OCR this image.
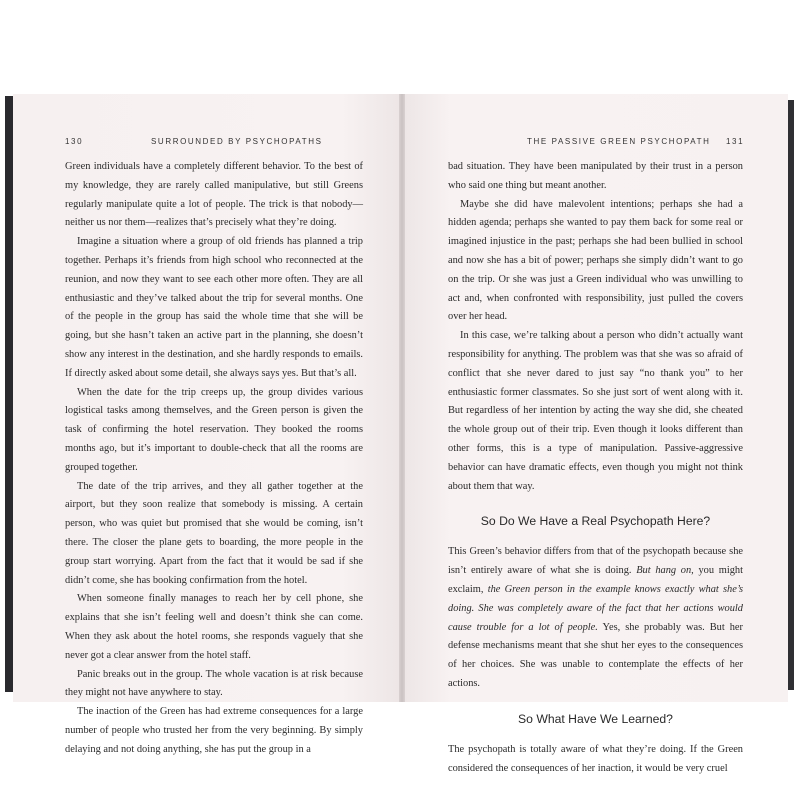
130	SURROUNDED BY PSYCHOPATHS

Green individuals have a completely different behavior. To the best of my knowledge, they are rarely called manipulative, but still Greens regularly manipulate quite a lot of people. The trick is that nobody—neither us nor them—realizes that’s precisely what they’re doing.

Imagine a situation where a group of old friends has planned a trip together. Perhaps it’s friends from high school who reconnected at the reunion, and now they want to see each other more often. They are all enthusiastic and they’ve talked about the trip for several months. One of the people in the group has said the whole time that she will be going, but she hasn’t taken an active part in the planning, she doesn’t show any interest in the destination, and she hardly responds to emails. If directly asked about some detail, she always says yes. But that’s all.

When the date for the trip creeps up, the group divides various logistical tasks among themselves, and the Green person is given the task of confirming the hotel reservation. They booked the rooms months ago, but it’s important to double-check that all the rooms are grouped together.

The date of the trip arrives, and they all gather together at the airport, but they soon realize that somebody is missing. A certain person, who was quiet but promised that she would be coming, isn’t there. The closer the plane gets to boarding, the more people in the group start worrying. Apart from the fact that it would be sad if she didn’t come, she has booking confirmation from the hotel.

When someone finally manages to reach her by cell phone, she explains that she isn’t feeling well and doesn’t think she can come. When they ask about the hotel rooms, she responds vaguely that she never got a clear answer from the hotel staff.

Panic breaks out in the group. The whole vacation is at risk because they might not have anywhere to stay.

The inaction of the Green has had extreme consequences for a large number of people who trusted her from the very beginning. By simply delaying and not doing anything, she has put the group in a

THE PASSIVE GREEN PSYCHOPATH 131

bad situation. They have been manipulated by their trust in a person who said one thing but meant another.

Maybe she did have malevolent intentions; perhaps she had a hidden agenda; perhaps she wanted to pay them back for some real or imagined injustice in the past; perhaps she had been bullied in school and now she has a bit of power; perhaps she simply didn’t want to go on the trip. Or she was just a Green individual who was unwilling to act and, when confronted with responsibility, just pulled the covers over her head.

In this case, we’re talking about a person who didn’t actually want responsibility for anything. The problem was that she was so afraid of conflict that she never dared to just say “no thank you” to her enthusiastic former classmates. So she just sort of went along with it. But regardless of her intention by acting the way she did, she cheated the whole group out of their trip. Even though it looks different than other forms, this is a type of manipulation. Passive-aggressive behavior can have dramatic effects, even though you might not think about them that way.

So Do We Have a Real Psychopath Here?

This Green’s behavior differs from that of the psychopath because she isn’t entirely aware of what she is doing. But hang on, you might exclaim, the Green person in the example knows exactly what she’s doing. She was completely aware of the fact that her actions would cause trouble for a lot of people. Yes, she probably was. But her defense mechanisms meant that she shut her eyes to the consequences of her choices. She was unable to contemplate the effects of her actions.

So What Have We Learned?

The psychopath is totally aware of what they’re doing. If the Green considered the consequences of her inaction, it would be very cruel
